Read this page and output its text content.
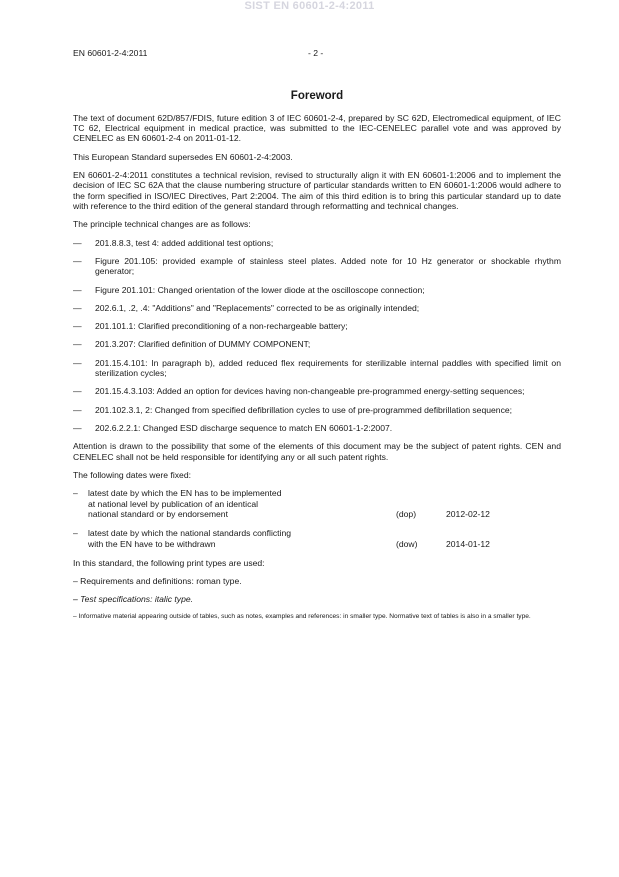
SIST EN 60601-2-4:2011
EN 60601-2-4:2011	- 2 -
Foreword

The text of document 62D/857/FDIS, future edition 3 of IEC 60601-2-4, prepared by SC 62D, Electromedical equipment, of IEC TC 62, Electrical equipment in medical practice, was submitted to the IEC-CENELEC parallel vote and was approved by CENELEC as EN 60601-2-4 on 2011-01-12.

This European Standard supersedes EN 60601-2-4:2003.

EN 60601-2-4:2011 constitutes a technical revision, revised to structurally align it with EN 60601-1:2006 and to implement the decision of IEC SC 62A that the clause numbering structure of particular standards written to EN 60601-1:2006 would adhere to the form specified in ISO/IEC Directives, Part 2:2004. The aim of this third edition is to bring this particular standard up to date with reference to the third edition of the general standard through reformatting and technical changes.

The principle technical changes are as follows:

—	201.8.8.3, test 4: added additional test options;
—	Figure 201.105: provided example of stainless steel plates. Added note for 10 Hz generator or shockable rhythm generator;
—	Figure 201.101: Changed orientation of the lower diode at the oscilloscope connection;
—	202.6.1, .2, .4: "Additions" and "Replacements" corrected to be as originally intended;
—	201.101.1: Clarified preconditioning of a non-rechargeable battery;
—	201.3.207: Clarified definition of DUMMY COMPONENT;
—	201.15.4.101: In paragraph b), added reduced flex requirements for sterilizable internal paddles with specified limit on sterilization cycles;
—	201.15.4.3.103: Added an option for devices having non-changeable pre-programmed energy-setting sequences;
—	201.102.3.1, 2: Changed from specified defibrillation cycles to use of pre-programmed defibrillation sequence;
—	202.6.2.2.1: Changed ESD discharge sequence to match EN 60601-1-2:2007.

Attention is drawn to the possibility that some of the elements of this document may be the subject of patent rights. CEN and CENELEC shall not be held responsible for identifying any or all such patent rights.

The following dates were fixed:

– latest date by which the EN has to be implemented
at national level by publication of an identical
national standard or by endorsement	(dop)	2012-02-12
– latest date by which the national standards conflicting
with the EN have to be withdrawn	(dow)	2014-01-12

In this standard, the following print types are used:

– Requirements and definitions: roman type.

– Test specifications: italic type.

– Informative material appearing outside of tables, such as notes, examples and references: in smaller type. Normative text of tables is also in a smaller type.
